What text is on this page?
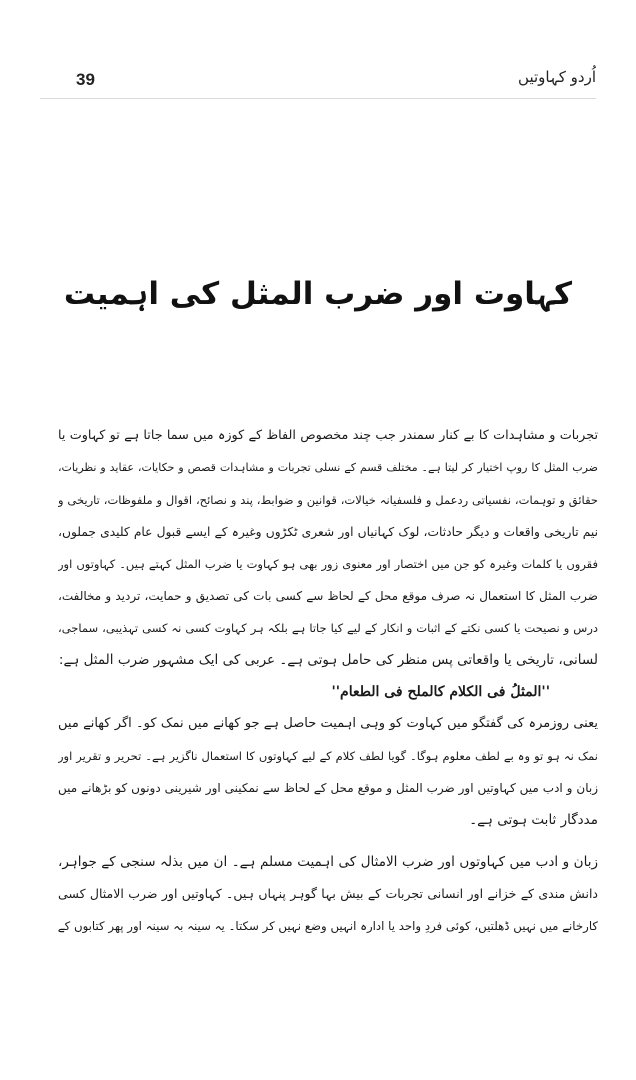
39	اُردو کہاوتیں
کہاوت اور ضرب المثل کی اہمیت
تجربات و مشاہدات کا بے کنار سمندر جب چند مخصوص الفاظ کے کوزہ میں سما جاتا ہے تو کہاوت یا
ضرب المثل کا روپ اختیار کر لیتا ہے۔ مختلف قسم کے نسلی تجربات و مشاہدات قصص و حکایات، عقاید و نظریات،
حقائق و توہمات، نفسیاتی ردعمل و فلسفیانہ خیالات، قوانین و ضوابط، پند و نصائح، اقوال و ملفوظات، تاریخی و
نیم تاریخی واقعات و دیگر حادثات، لوک کہانیاں اور شعری ٹکڑوں وغیرہ کے ایسے قبول عام کلیدی جملوں،
فقروں یا کلمات وغیرہ کو جن میں اختصار اور معنوی زور بھی ہو کہاوت یا ضرب المثل کہتے ہیں۔ کہاوتوں اور
ضرب المثل کا استعمال نہ صرف موقع محل کے لحاظ سے کسی بات کی تصدیق و حمایت، تردید و مخالفت،
درس و نصیحت یا کسی نکتے کے اثبات و انکار کے لیے کیا جاتا ہے بلکہ ہر کہاوت کسی نہ کسی تہذیبی، سماجی،
لسانی، تاریخی یا واقعاتی پس منظر کی حامل ہوتی ہے۔ عربی کی ایک مشہور ضرب المثل ہے:
''المثلُ فی الکلام کالملح فی الطعام''
یعنی روزمرہ کی گفتگو میں کہاوت کو وہی اہمیت حاصل ہے جو کھانے میں نمک کو۔ اگر کھانے میں
نمک نہ ہو تو وہ بے لطف معلوم ہوگا۔ گویا لطف کلام کے لیے کہاوتوں کا استعمال ناگزیر ہے۔ تحریر و تقریر اور
زبان و ادب میں کہاوتیں اور ضرب المثل و موقع محل کے لحاظ سے نمکینی اور شیرینی دونوں کو بڑھانے میں
مددگار ثابت ہوتی ہے۔
زبان و ادب میں کہاوتوں اور ضرب الامثال کی اہمیت مسلم ہے۔ ان میں بذلہ سنجی کے جواہر،
دانش مندی کے خزانے اور انسانی تجربات کے بیش بہا گوہر پنہاں ہیں۔ کہاوتیں اور ضرب الامثال کسی
کارخانے میں نہیں ڈھلتیں، کوئی فردِ واحد یا ادارہ انہیں وضع نہیں کر سکتا۔ یہ سینہ بہ سینہ اور پھر کتابوں کے
